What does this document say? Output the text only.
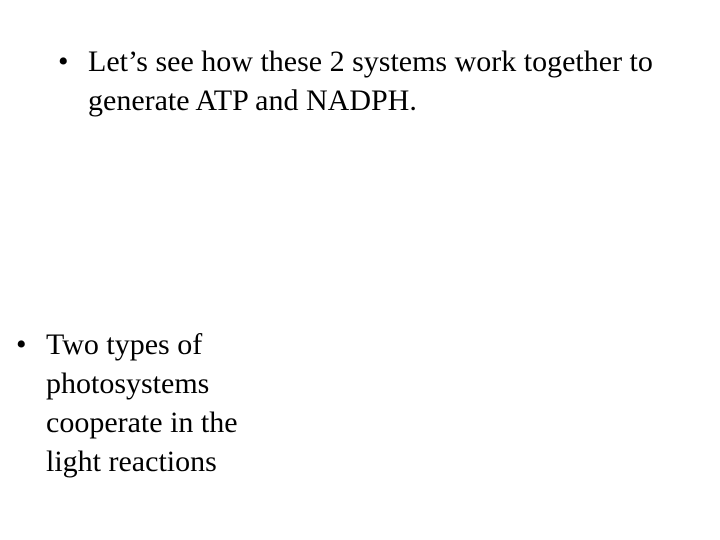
• Let’s see how these 2 systems work together to generate ATP and NADPH.
• Two types of photosystems cooperate in the light reactions
